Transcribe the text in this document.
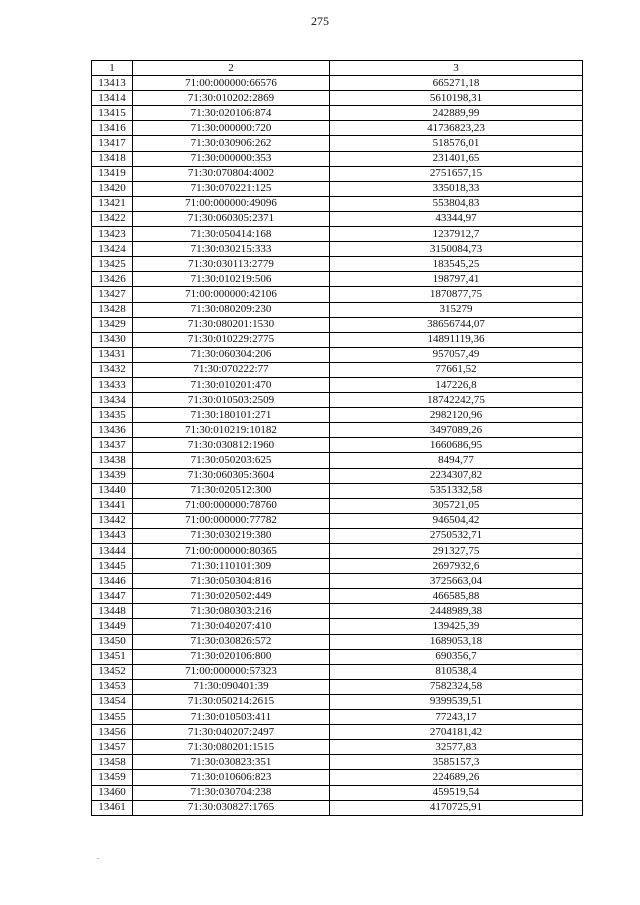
275
1	2	3
13413	71:00:000000:66576	665271,18
13414	71:30:010202:2869	5610198,31
13415	71:30:020106:874	242889,99
13416	71:30:000000:720	41736823,23
13417	71:30:030906:262	518576,01
13418	71:30:000000:353	231401,65
13419	71:30:070804:4002	2751657,15
13420	71:30:070221:125	335018,33
13421	71:00:000000:49096	553804,83
13422	71:30:060305:2371	43344,97
13423	71:30:050414:168	1237912,7
13424	71:30:030215:333	3150084,73
13425	71:30:030113:2779	183545,25
13426	71:30:010219:506	198797,41
13427	71:00:000000:42106	1870877,75
13428	71:30:080209:230	315279
13429	71:30:080201:1530	38656744,07
13430	71:30:010229:2775	14891119,36
13431	71:30:060304:206	957057,49
13432	71:30:070222:77	77661,52
13433	71:30:010201:470	147226,8
13434	71:30:010503:2509	18742242,75
13435	71:30:180101:271	2982120,96
13436	71:30:010219:10182	3497089,26
13437	71:30:030812:1960	1660686,95
13438	71:30:050203:625	8494,77
13439	71:30:060305:3604	2234307,82
13440	71:30:020512:300	5351332,58
13441	71:00:000000:78760	305721,05
13442	71:00:000000:77782	946504,42
13443	71:30:030219:380	2750532,71
13444	71:00:000000:80365	291327,75
13445	71:30:110101:309	2697932,6
13446	71:30:050304:816	3725663,04
13447	71:30:020502:449	466585,88
13448	71:30:080303:216	2448989,38
13449	71:30:040207:410	139425,39
13450	71:30:030826:572	1689053,18
13451	71:30:020106:800	690356,7
13452	71:00:000000:57323	810538,4
13453	71:30:090401:39	7582324,58
13454	71:30:050214:2615	9399539,51
13455	71:30:010503:411	77243,17
13456	71:30:040207:2497	2704181,42
13457	71:30:080201:1515	32577,83
13458	71:30:030823:351	3585157,3
13459	71:30:010606:823	224689,26
13460	71:30:030704:238	459519,54
13461	71:30:030827:1765	4170725,91
